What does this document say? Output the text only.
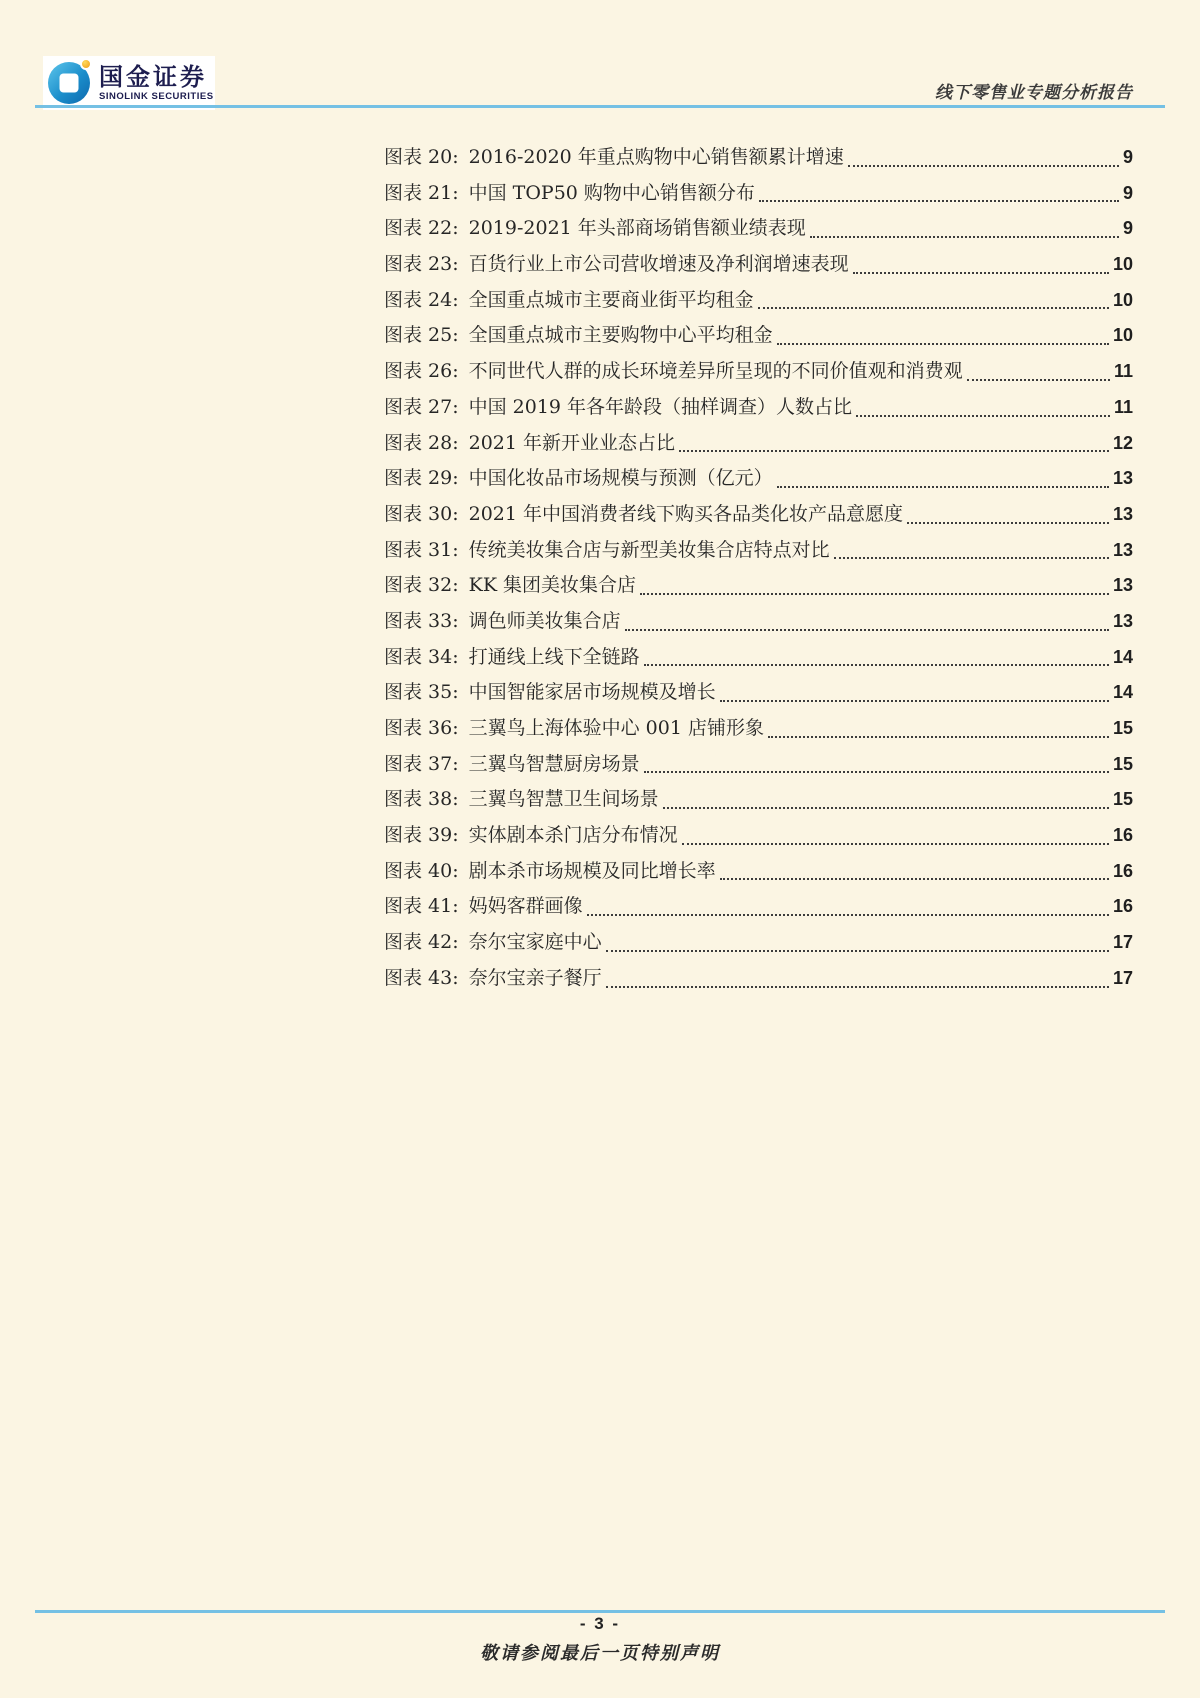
国金证券
SINOLINK SECURITIES	线下零售业专题分析报告
图表 20: 2016-2020 年重点购物中心销售额累计增速	9
图表 21: 中国 TOP50 购物中心销售额分布	9
图表 22: 2019-2021 年头部商场销售额业绩表现	9
图表 23: 百货行业上市公司营收增速及净利润增速表现	10
图表 24: 全国重点城市主要商业街平均租金	10
图表 25: 全国重点城市主要购物中心平均租金	10
图表 26: 不同世代人群的成长环境差异所呈现的不同价值观和消费观	11
图表 27: 中国 2019 年各年龄段（抽样调查）人数占比	11
图表 28: 2021 年新开业业态占比	12
图表 29: 中国化妆品市场规模与预测（亿元）	13
图表 30: 2021 年中国消费者线下购买各品类化妆产品意愿度	13
图表 31: 传统美妆集合店与新型美妆集合店特点对比	13
图表 32: KK 集团美妆集合店	13
图表 33: 调色师美妆集合店	13
图表 34: 打通线上线下全链路	14
图表 35: 中国智能家居市场规模及增长	14
图表 36: 三翼鸟上海体验中心 001 店铺形象	15
图表 37: 三翼鸟智慧厨房场景	15
图表 38: 三翼鸟智慧卫生间场景	15
图表 39: 实体剧本杀门店分布情况	16
图表 40: 剧本杀市场规模及同比增长率	16
图表 41: 妈妈客群画像	16
图表 42: 奈尔宝家庭中心	17
图表 43: 奈尔宝亲子餐厅	17
- 3 -
敬请参阅最后一页特别声明
